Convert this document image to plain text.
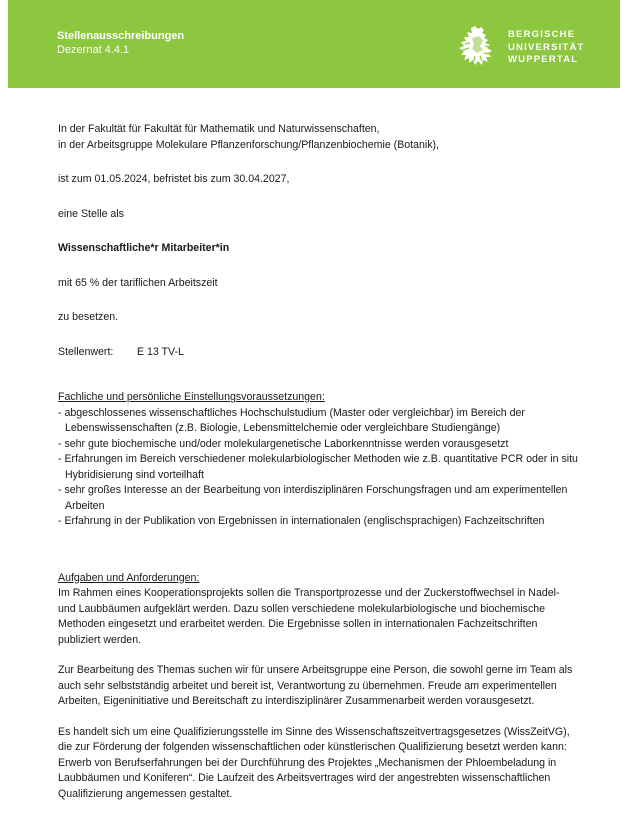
Stellenausschreibungen
Dezernat 4.4.1
BERGISCHE
UNIVERSITÄT
WUPPERTAL

In der Fakultät für Fakultät für Mathematik und Naturwissenschaften,

in der Arbeitsgruppe Molekulare Pflanzenforschung/Pflanzenbiochemie (Botanik),

ist zum 01.05.2024, befristet bis zum 30.04.2027,

eine Stelle als

Wissenschaftliche*r Mitarbeiter*in

mit 65 % der tariflichen Arbeitszeit

zu besetzen.

Stellenwert:	E 13 TV-L

Fachliche und persönliche Einstellungsvoraussetzungen:

- abgeschlossenes wissenschaftliches Hochschulstudium (Master oder vergleichbar) im Bereich der Lebenswissenschaften (z.B. Biologie, Lebensmittelchemie oder vergleichbare Studiengänge)
- sehr gute biochemische und/oder molekulargenetische Laborkenntnisse werden vorausgesetzt
- Erfahrungen im Bereich verschiedener molekularbiologischer Methoden wie z.B. quantitative PCR oder in situ Hybridisierung sind vorteilhaft
- sehr großes Interesse an der Bearbeitung von interdisziplinären Forschungsfragen und am experimentellen Arbeiten
- Erfahrung in der Publikation von Ergebnissen in internationalen (englischsprachigen) Fachzeitschriften

Aufgaben und Anforderungen:

Im Rahmen eines Kooperationsprojekts sollen die Transportprozesse und der Zuckerstoffwechsel in Nadel- und Laubbäumen aufgeklärt werden. Dazu sollen verschiedene molekularbiologische und biochemische Methoden eingesetzt und erarbeitet werden. Die Ergebnisse sollen in internationalen Fachzeitschriften publiziert werden.

Zur Bearbeitung des Themas suchen wir für unsere Arbeitsgruppe eine Person, die sowohl gerne im Team als auch sehr selbstständig arbeitet und bereit ist, Verantwortung zu übernehmen. Freude am experimentellen Arbeiten, Eigeninitiative und Bereitschaft zu interdisziplinärer Zusammenarbeit werden vorausgesetzt.

Es handelt sich um eine Qualifizierungsstelle im Sinne des Wissenschaftszeitvertragsgesetzes (WissZeitVG), die zur Förderung der folgenden wissenschaftlichen oder künstlerischen Qualifizierung besetzt werden kann: Erwerb von Berufserfahrungen bei der Durchführung des Projektes „Mechanismen der Phloembeladung in Laubbäumen und Koniferen“. Die Laufzeit des Arbeitsvertrages wird der angestrebten wissenschaftlichen Qualifizierung angemessen gestaltet.
